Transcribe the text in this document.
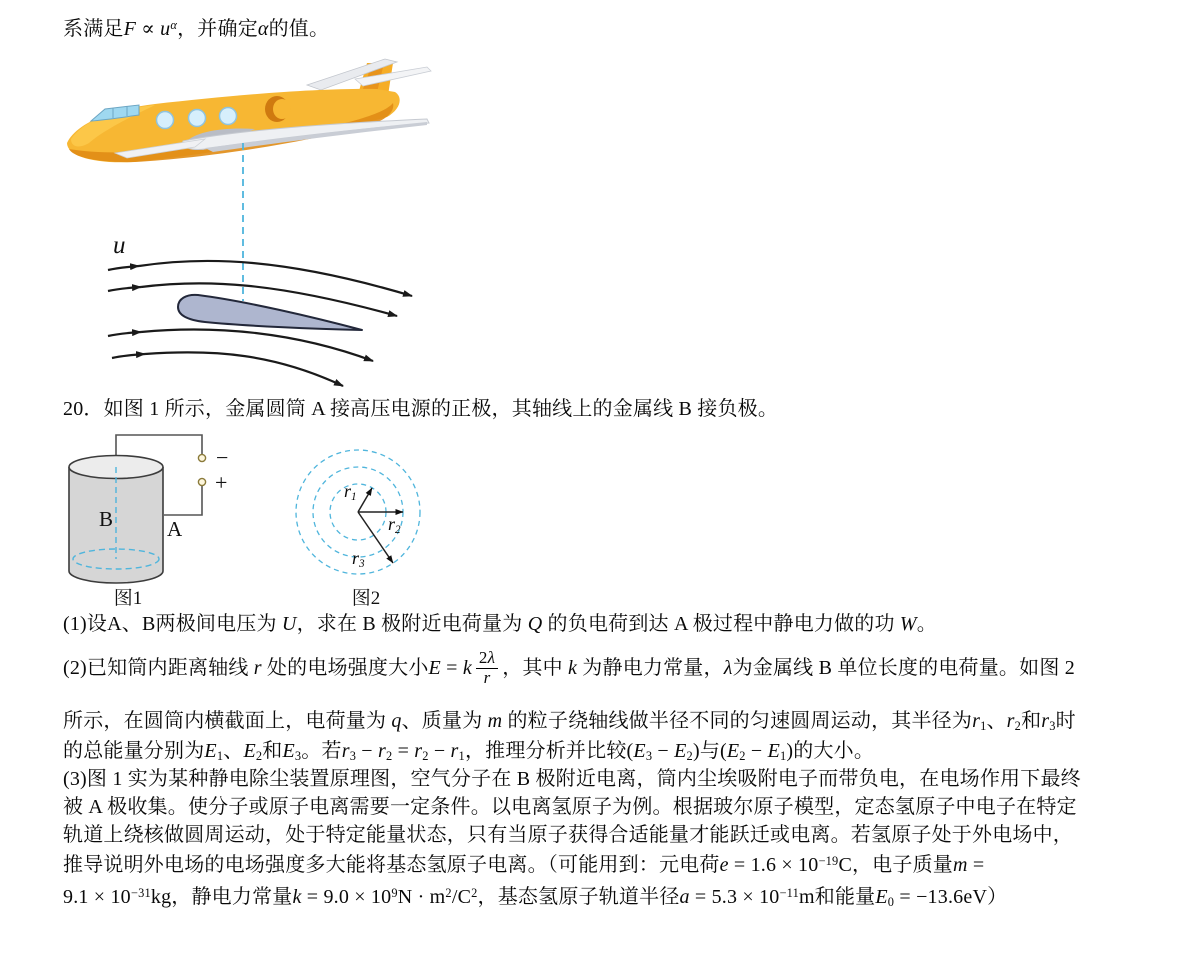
系满足$F \propto u^\alpha$，并确定α的值。
u
20．如图 1 所示，金属圆筒 A 接高压电源的正极，其轴线上的金属线 B 接负极。
−
+
B	A
图1	图2
$r_1$
$r_2$
$r_3$
(1)设A、B两极间电压为 U，求在 B 极附近电荷量为 Q 的负电荷到达 A 极过程中静电力做的功 W。
(2)已知筒内距离轴线 r 处的电场强度大小E = k $\frac{2\lambda}{r}$ ，其中 k 为静电力常量，λ为金属线 B 单位长度的电荷量。如图 2
所示，在圆筒内横截面上，电荷量为 q、质量为 m 的粒子绕轴线做半径不同的匀速圆周运动，其半径为$r_1$、$r_2$和$r_3$时
的总能量分别为$E_1$、$E_2$和$E_3$。若$r_3 - r_2 = r_2 - r_1$，推理分析并比较$(E_3 - E_2)$与$(E_2 - E_1)$的大小。
(3)图 1 实为某种静电除尘装置原理图，空气分子在 B 极附近电离，筒内尘埃吸附电子而带负电，在电场作用下最终
被 A 极收集。使分子或原子电离需要一定条件。以电离氢原子为例。根据玻尔原子模型，定态氢原子中电子在特定
轨道上绕核做圆周运动，处于特定能量状态，只有当原子获得合适能量才能跃迁或电离。若氢原子处于外电场中，
推导说明外电场的电场强度多大能将基态氢原子电离。（可能用到：元电荷$e = 1.6 \times 10^{-19}C$，电子质量m =
$9.1 \times 10^{-31}kg$，静电力常量$k = 9.0 \times 10^9N \cdot m^2/C^2$，基态氢原子轨道半径$a = 5.3 \times 10^{-11}m$和能量$E_0 = -13.6eV$）
